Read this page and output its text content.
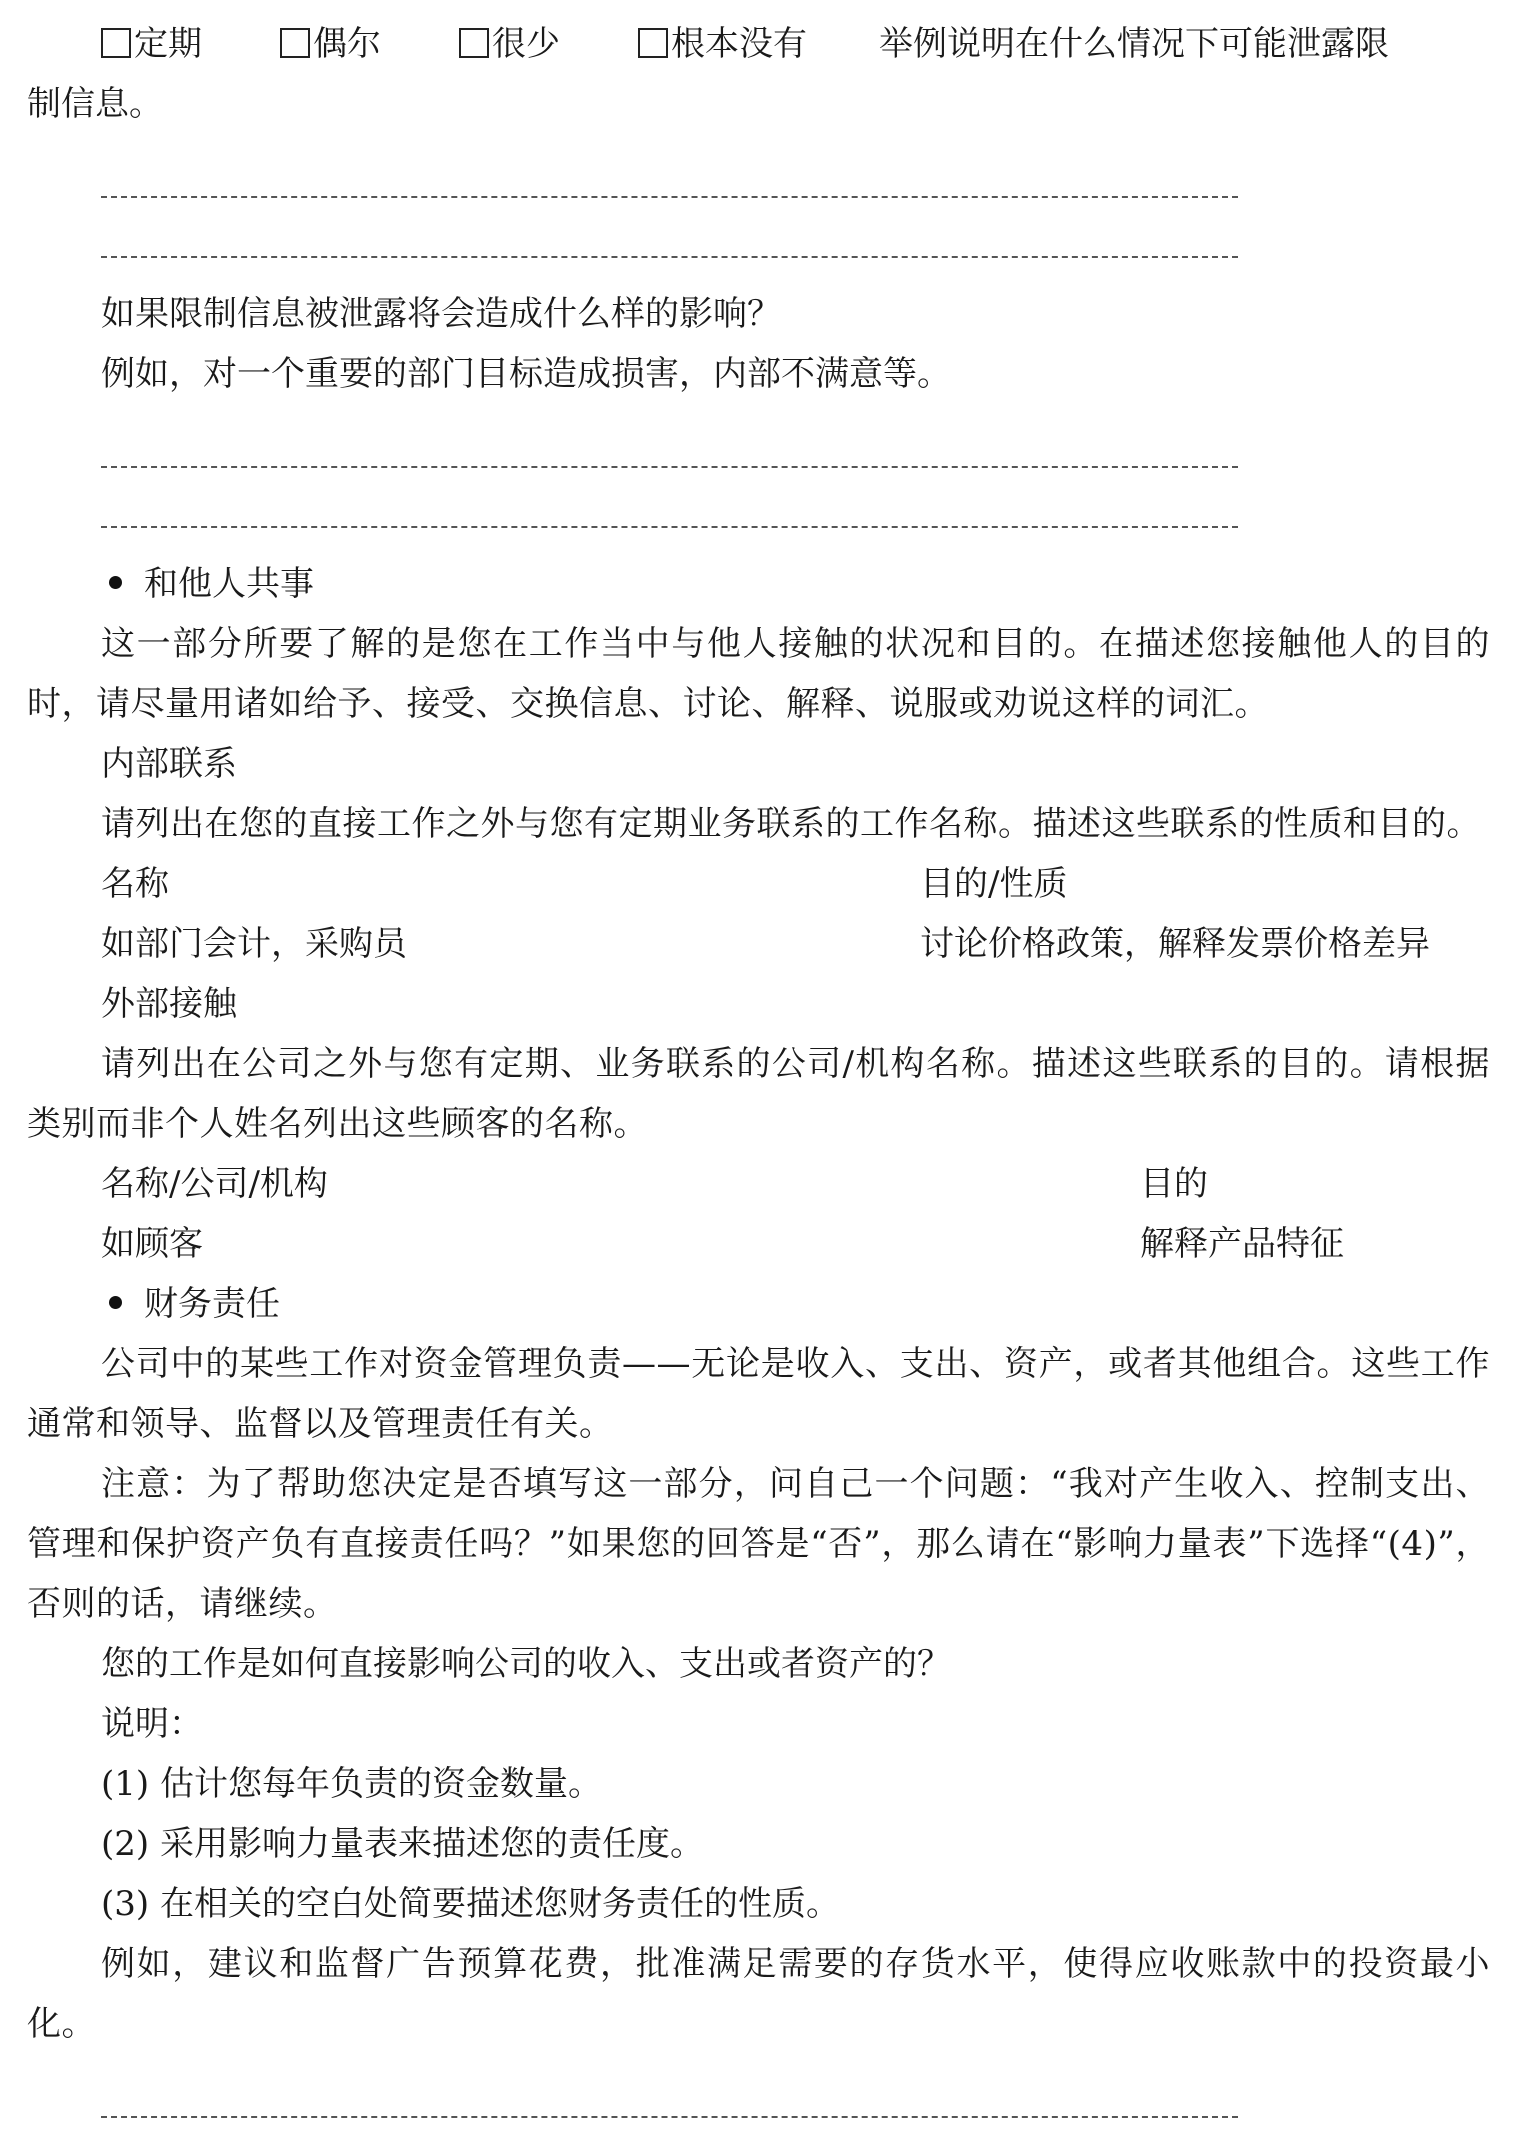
定期	偶尔	很少	根本没有 举例说明在什么情况下可能泄露限
制信息。
如果限制信息被泄露将会造成什么样的影响？
例如，对一个重要的部门目标造成损害，内部不满意等。
和他人共事
这一部分所要了解的是您在工作当中与他人接触的状况和目的。在描述您接触他人的目的时，请尽量用诸如给予、接受、交换信息、讨论、解释、说服或劝说这样的词汇。
内部联系
请列出在您的直接工作之外与您有定期业务联系的工作名称。描述这些联系的性质和目的。
名称	目的/性质
如部门会计，采购员	讨论价格政策，解释发票价格差异
外部接触
请列出在公司之外与您有定期、业务联系的公司/机构名称。描述这些联系的目的。请根据类别而非个人姓名列出这些顾客的名称。
名称/公司/机构	目的
如顾客	解释产品特征
财务责任
公司中的某些工作对资金管理负责——无论是收入、支出、资产，或者其他组合。这些工作通常和领导、监督以及管理责任有关。
注意：为了帮助您决定是否填写这一部分，问自己一个问题：“我对产生收入、控制支出、管理和保护资产负有直接责任吗？”如果您的回答是“否”，那么请在“影响力量表”下选择“(4)”，否则的话，请继续。
您的工作是如何直接影响公司的收入、支出或者资产的？
说明：
(1) 估计您每年负责的资金数量。
(2) 采用影响力量表来描述您的责任度。
(3) 在相关的空白处简要描述您财务责任的性质。
例如，建议和监督广告预算花费，批准满足需要的存货水平，使得应收账款中的投资最小化。
